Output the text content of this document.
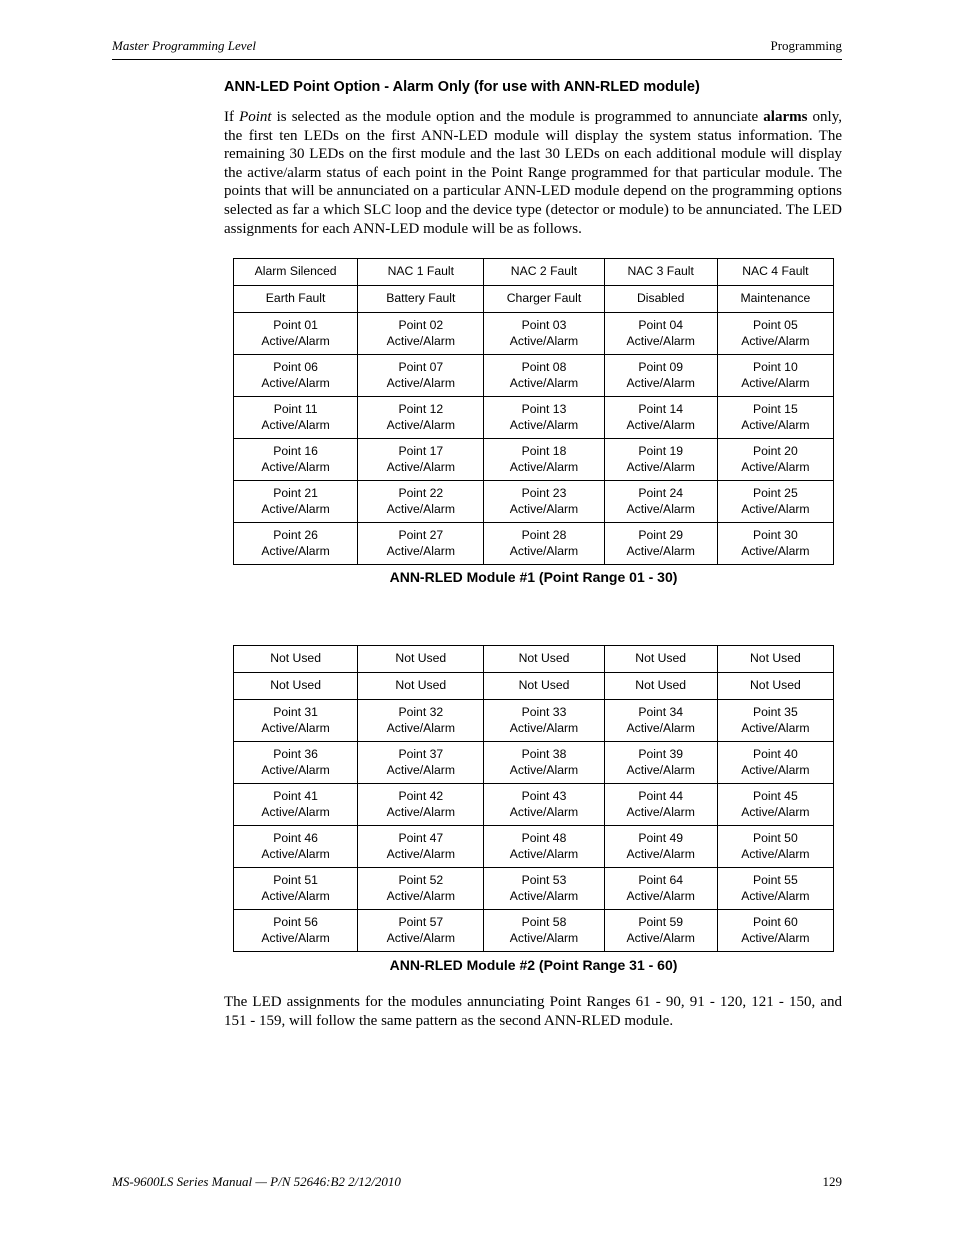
Master Programming Level	Programming
ANN-LED Point Option - Alarm Only (for use with ANN-RLED module)
If Point is selected as the module option and the module is programmed to annunciate alarms only, the first ten LEDs on the first ANN-LED module will display the system status information. The remaining 30 LEDs on the first module and the last 30 LEDs on each additional module will display the active/alarm status of each point in the Point Range programmed for that particular module. The points that will be annunciated on a particular ANN-LED module depend on the programming options selected as far a which SLC loop and the device type (detector or module) to be annunciated. The LED assignments for each ANN-LED module will be as follows.
Alarm Silenced	NAC 1 Fault	NAC 2 Fault	NAC 3 Fault	NAC 4 Fault
Earth Fault	Battery Fault	Charger Fault	Disabled	Maintenance

Point 01
Active/Alarm	Point 02
Active/Alarm	Point 03
Active/Alarm	Point 04
Active/Alarm	Point 05
Active/Alarm

Point 06
Active/Alarm	Point 07
Active/Alarm	Point 08
Active/Alarm	Point 09
Active/Alarm	Point 10
Active/Alarm

Point 11
Active/Alarm	Point 12
Active/Alarm	Point 13
Active/Alarm	Point 14
Active/Alarm	Point 15
Active/Alarm

Point 16
Active/Alarm	Point 17
Active/Alarm	Point 18
Active/Alarm	Point 19
Active/Alarm	Point 20
Active/Alarm

Point 21
Active/Alarm	Point 22
Active/Alarm	Point 23
Active/Alarm	Point 24
Active/Alarm	Point 25
Active/Alarm

Point 26
Active/Alarm	Point 27
Active/Alarm	Point 28
Active/Alarm	Point 29
Active/Alarm	Point 30
Active/Alarm
ANN-RLED Module #1 (Point Range 01 - 30)
Not Used	Not Used	Not Used	Not Used	Not Used
Not Used	Not Used	Not Used	Not Used	Not Used

Point 31
Active/Alarm	Point 32
Active/Alarm	Point 33
Active/Alarm	Point 34
Active/Alarm	Point 35
Active/Alarm

Point 36
Active/Alarm	Point 37
Active/Alarm	Point 38
Active/Alarm	Point 39
Active/Alarm	Point 40
Active/Alarm

Point 41
Active/Alarm	Point 42
Active/Alarm	Point 43
Active/Alarm	Point 44
Active/Alarm	Point 45
Active/Alarm

Point 46
Active/Alarm	Point 47
Active/Alarm	Point 48
Active/Alarm	Point 49
Active/Alarm	Point 50
Active/Alarm

Point 51
Active/Alarm	Point 52
Active/Alarm	Point 53
Active/Alarm	Point 64
Active/Alarm	Point 55
Active/Alarm

Point 56
Active/Alarm	Point 57
Active/Alarm	Point 58
Active/Alarm	Point 59
Active/Alarm	Point 60
Active/Alarm
ANN-RLED Module #2 (Point Range 31 - 60)
The LED assignments for the modules annunciating Point Ranges 61 - 90, 91 - 120, 121 - 150, and 151 - 159, will follow the same pattern as the second ANN-RLED module.
MS-9600LS Series Manual — P/N 52646:B2 2/12/2010	129
